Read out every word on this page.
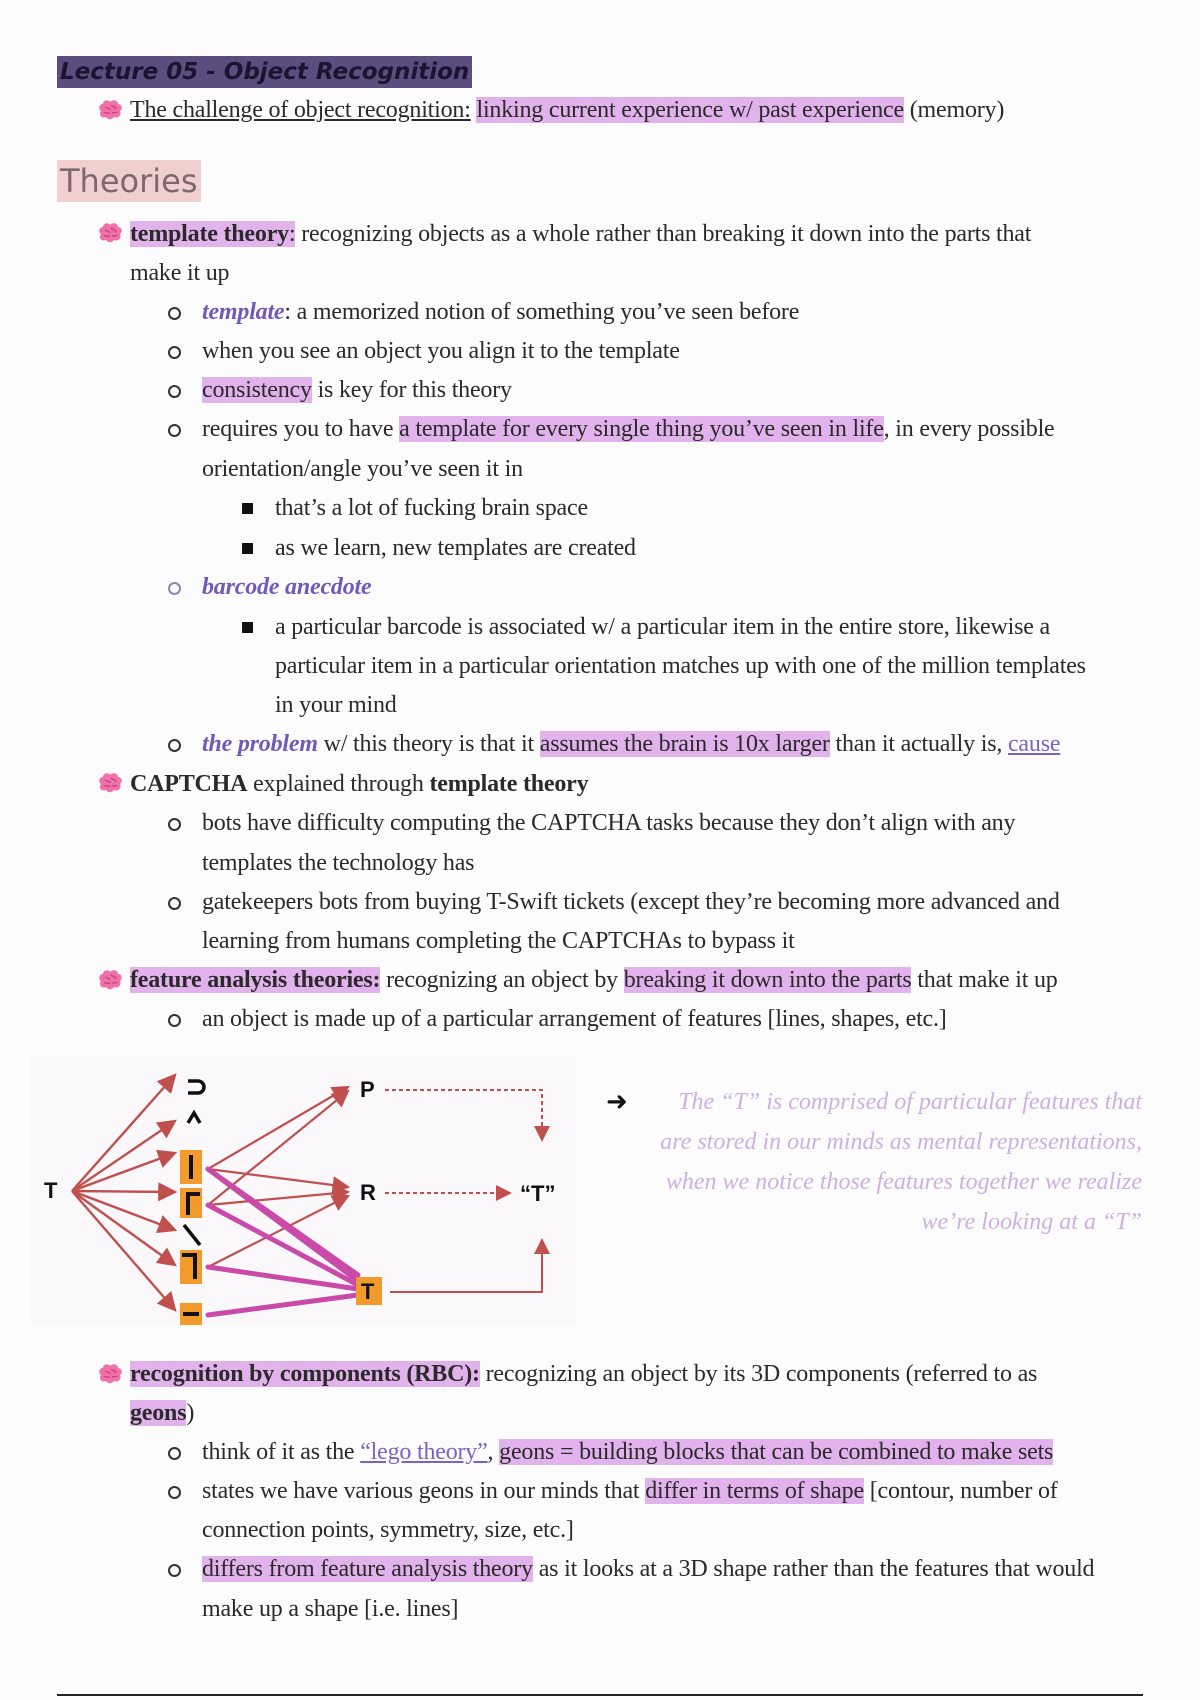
Lecture 05 - Object Recognition
The challenge of object recognition: linking current experience w/ past experience (memory)
Theories
template theory: recognizing objects as a whole rather than breaking it down into the parts that
make it up
template: a memorized notion of something you’ve seen before
when you see an object you align it to the template
consistency is key for this theory
requires you to have a template for every single thing you’ve seen in life, in every possible
orientation/angle you’ve seen it in
that’s a lot of fucking brain space
as we learn, new templates are created
barcode anecdote
a particular barcode is associated w/ a particular item in the entire store, likewise a
particular item in a particular orientation matches up with one of the million templates
in your mind
the problem w/ this theory is that it assumes the brain is 10x larger than it actually is, cause
CAPTCHA explained through template theory
bots have difficulty computing the CAPTCHA tasks because they don’t align with any
templates the technology has
gatekeepers bots from buying T-Swift tickets (except they’re becoming more advanced and
learning from humans completing the CAPTCHAs to bypass it
feature analysis theories: recognizing an object by breaking it down into the parts that make it up
an object is made up of a particular arrangement of features [lines, shapes, etc.]
T
P
R
T
“T”
➜ The “T” is comprised of particular features that
are stored in our minds as mental representations,
when we notice those features together we realize
we’re looking at a “T”
recognition by components (RBC): recognizing an object by its 3D components (referred to as
geons)
think of it as the “lego theory”, geons = building blocks that can be combined to make sets
states we have various geons in our minds that differ in terms of shape [contour, number of
connection points, symmetry, size, etc.]
differs from feature analysis theory as it looks at a 3D shape rather than the features that would
make up a shape [i.e. lines]
